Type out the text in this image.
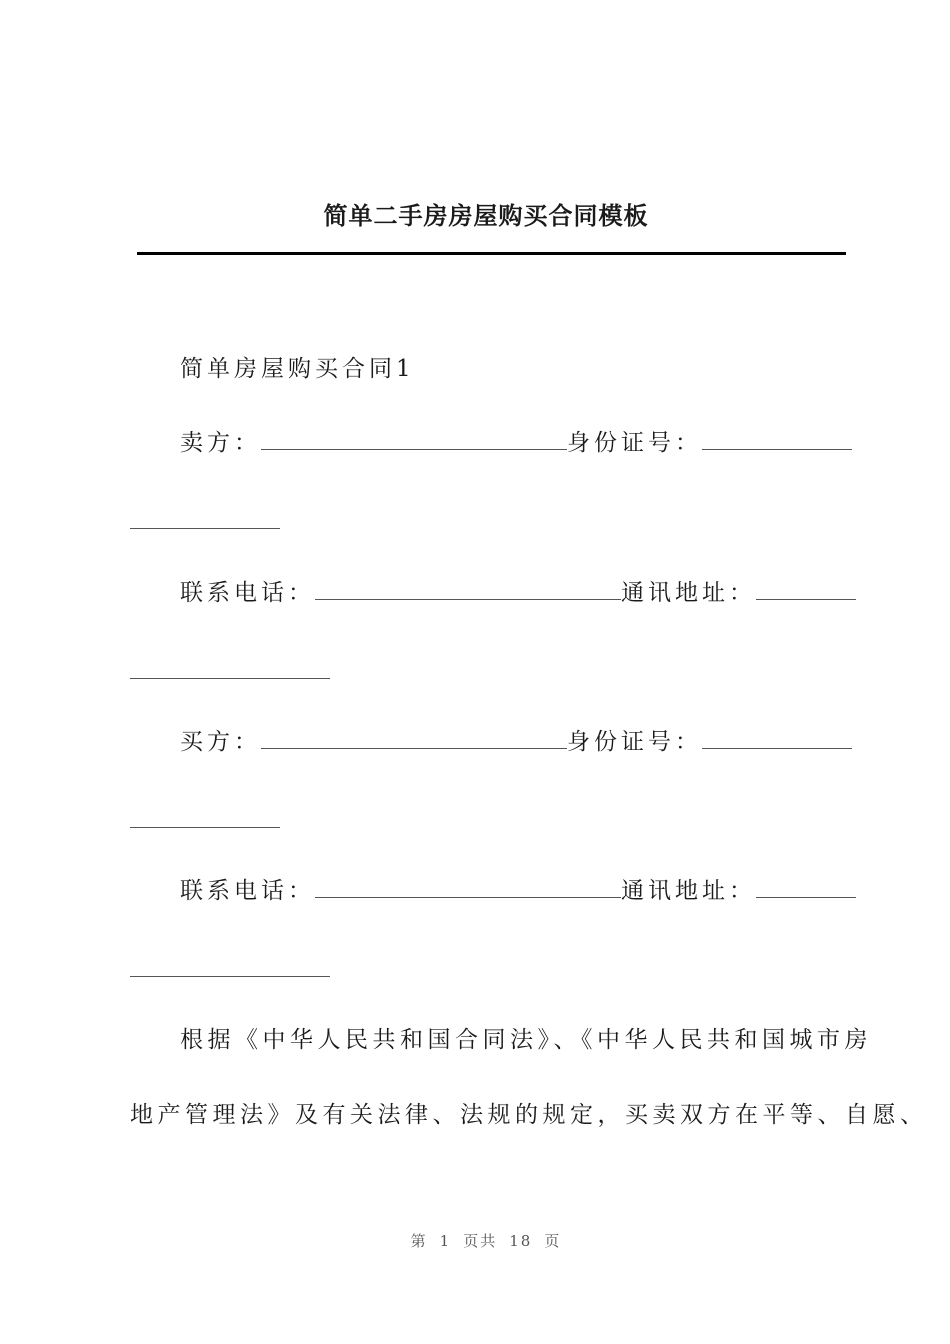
简单二手房房屋购买合同模板
简单房屋购买合同1
卖方：	身份证号：
联系电话：	通讯地址：
买方：	身份证号：
联系电话：	通讯地址：
根据《中华人民共和国合同法》、《中华人民共和国城市房
地产管理法》及有关法律、法规的规定，买卖双方在平等、自愿、
第 1 页共 18 页
